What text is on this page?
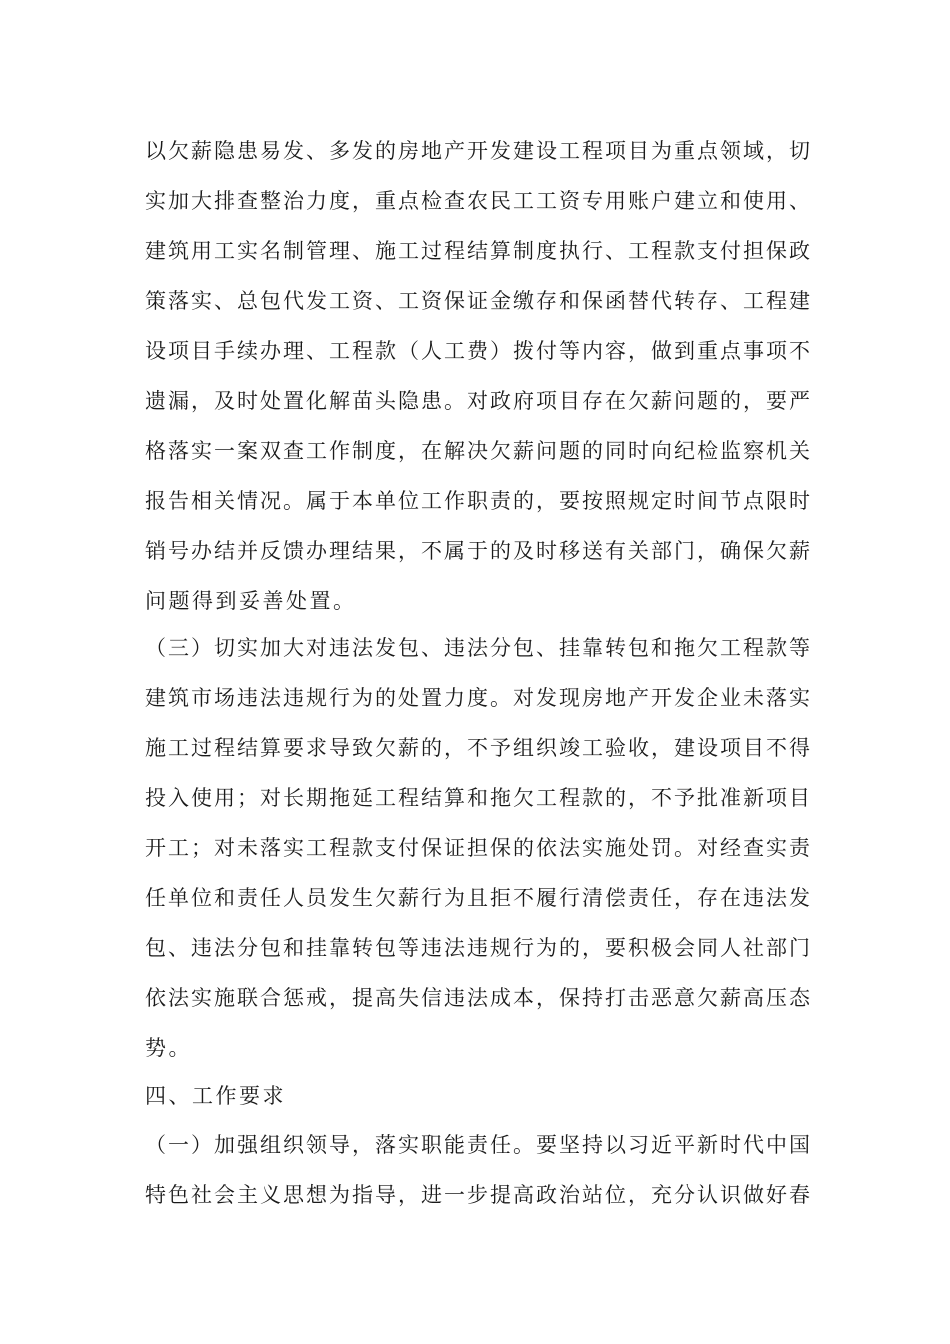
以欠薪隐患易发、多发的房地产开发建设工程项目为重点领域，切
实加大排查整治力度，重点检查农民工工资专用账户建立和使用、
建筑用工实名制管理、施工过程结算制度执行、工程款支付担保政
策落实、总包代发工资、工资保证金缴存和保函替代转存、工程建
设项目手续办理、工程款（人工费）拨付等内容，做到重点事项不
遗漏，及时处置化解苗头隐患。对政府项目存在欠薪问题的，要严
格落实一案双查工作制度，在解决欠薪问题的同时向纪检监察机关
报告相关情况。属于本单位工作职责的，要按照规定时间节点限时
销号办结并反馈办理结果，不属于的及时移送有关部门，确保欠薪
问题得到妥善处置。
（三）切实加大对违法发包、违法分包、挂靠转包和拖欠工程款等
建筑市场违法违规行为的处置力度。对发现房地产开发企业未落实
施工过程结算要求导致欠薪的，不予组织竣工验收，建设项目不得
投入使用；对长期拖延工程结算和拖欠工程款的，不予批准新项目
开工；对未落实工程款支付保证担保的依法实施处罚。对经查实责
任单位和责任人员发生欠薪行为且拒不履行清偿责任，存在违法发
包、违法分包和挂靠转包等违法违规行为的，要积极会同人社部门
依法实施联合惩戒，提高失信违法成本，保持打击恶意欠薪高压态
势。
四、工作要求
（一）加强组织领导，落实职能责任。要坚持以习近平新时代中国
特色社会主义思想为指导，进一步提高政治站位，充分认识做好春
